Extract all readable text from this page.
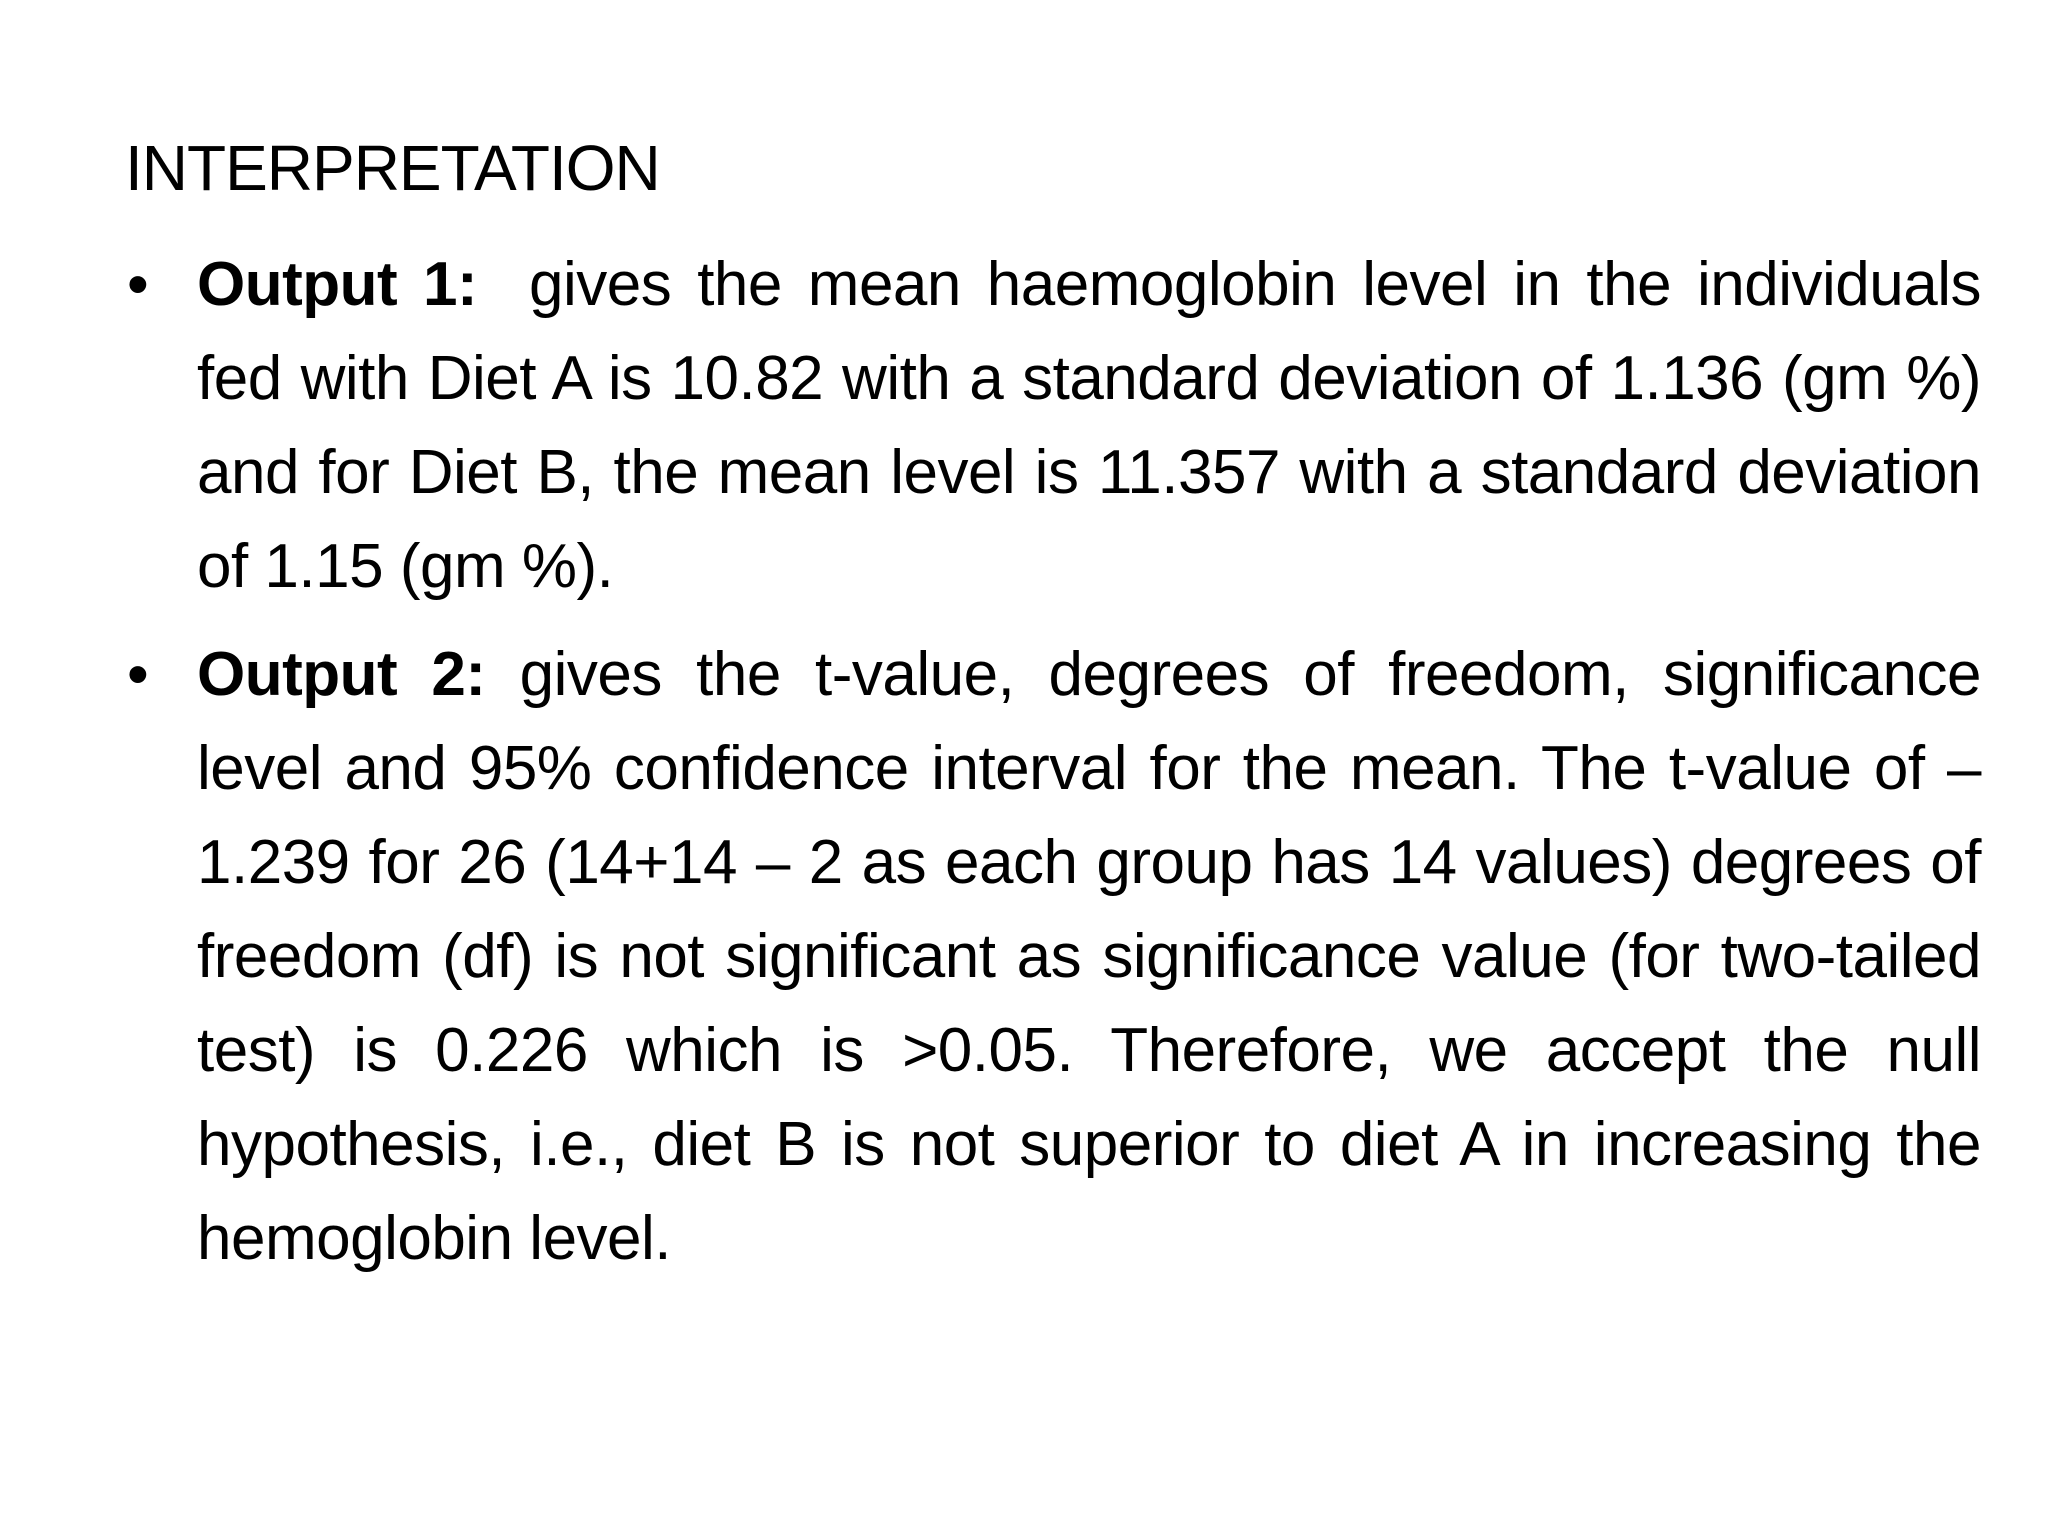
INTERPRETATION
• Output 1: gives the mean haemoglobin level in the individuals fed with Diet A is 10.82 with a standard deviation of 1.136 (gm %) and for Diet B, the mean level is 11.357 with a standard deviation of 1.15 (gm %).
• Output 2: gives the t-value, degrees of freedom, significance level and 95% confidence interval for the mean. The t-value of –1.239 for 26 (14+14 – 2 as each group has 14 values) degrees of freedom (df) is not significant as significance value (for two-tailed test) is 0.226 which is >0.05. Therefore, we accept the null hypothesis, i.e., diet B is not superior to diet A in increasing the hemoglobin level.
